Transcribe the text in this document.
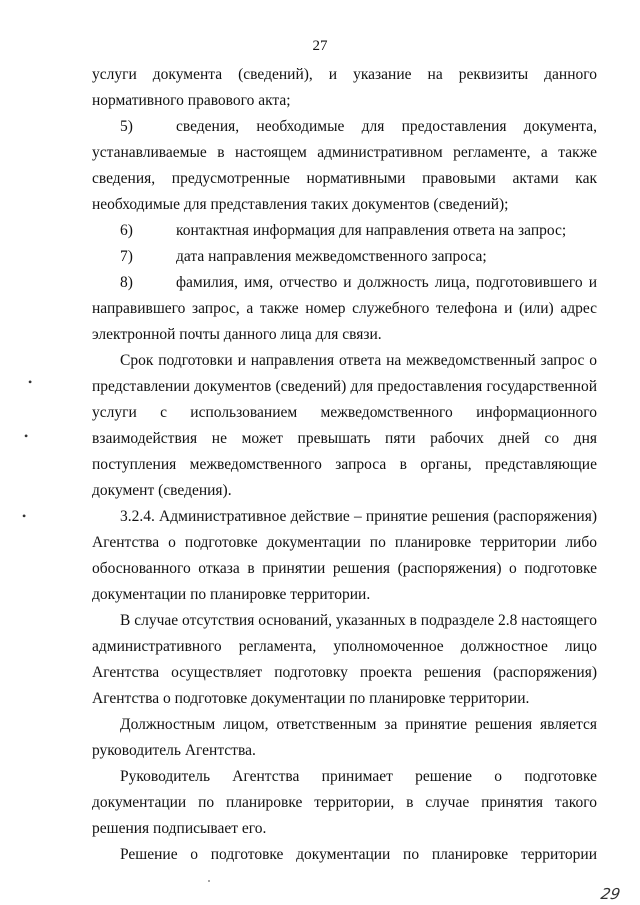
27

услуги документа (сведений), и указание на реквизиты данного нормативного правового акта;

5)	сведения, необходимые для предоставления документа, устанавливаемые в настоящем административном регламенте, а также сведения, предусмотренные нормативными правовыми актами как необходимые для представления таких документов (сведений);

6)	контактная информация для направления ответа на запрос;

7)	дата направления межведомственного запроса;

8)	фамилия, имя, отчество и должность лица, подготовившего и направившего запрос, а также номер служебного телефона и (или) адрес электронной почты данного лица для связи.

Срок подготовки и направления ответа на межведомственный запрос о представлении документов (сведений) для предоставления государственной услуги с использованием межведомственного информационного взаимодействия не может превышать пяти рабочих дней со дня поступления межведомственного запроса в органы, представляющие документ (сведения).

3.2.4. Административное действие – принятие решения (распоряжения) Агентства о подготовке документации по планировке территории либо обоснованного отказа в принятии решения (распоряжения) о подготовке документации по планировке территории.

В случае отсутствия оснований, указанных в подразделе 2.8 настоящего административного регламента, уполномоченное должностное лицо Агентства осуществляет подготовку проекта решения (распоряжения) Агентства о подготовке документации по планировке территории.

Должностным лицом, ответственным за принятие решения является руководитель Агентства.

Руководитель Агентства принимает решение о подготовке документации по планировке территории, в случае принятия такого решения подписывает его.

Решение о подготовке документации по планировке территории

•
•
•
29
